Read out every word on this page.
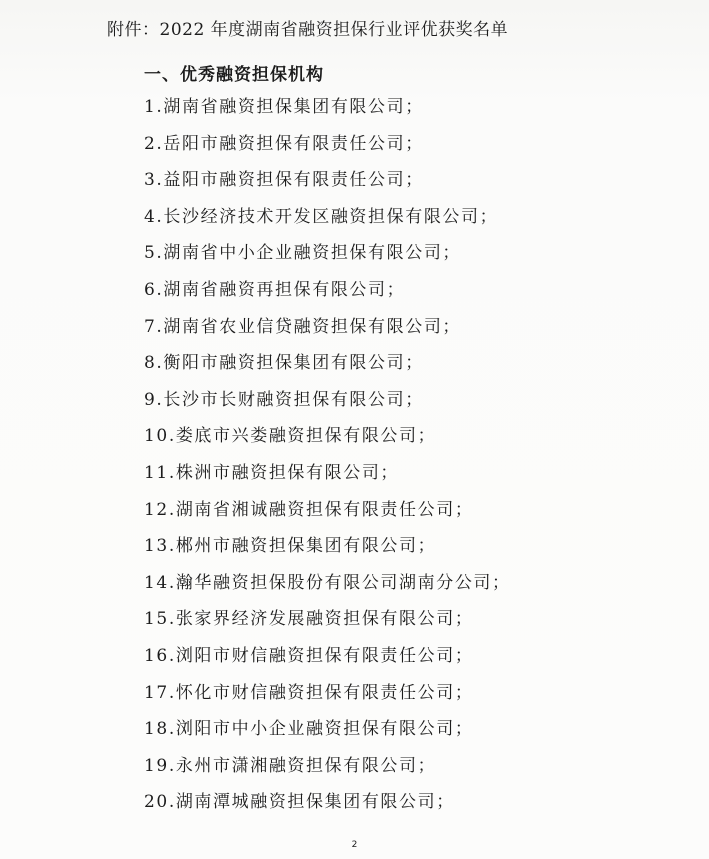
附件：2022 年度湖南省融资担保行业评优获奖名单
一、优秀融资担保机构
1.湖南省融资担保集团有限公司；
2.岳阳市融资担保有限责任公司；
3.益阳市融资担保有限责任公司；
4.长沙经济技术开发区融资担保有限公司；
5.湖南省中小企业融资担保有限公司；
6.湖南省融资再担保有限公司；
7.湖南省农业信贷融资担保有限公司；
8.衡阳市融资担保集团有限公司；
9.长沙市长财融资担保有限公司；
10.娄底市兴娄融资担保有限公司；
11.株洲市融资担保有限公司；
12.湖南省湘诚融资担保有限责任公司；
13.郴州市融资担保集团有限公司；
14.瀚华融资担保股份有限公司湖南分公司；
15.张家界经济发展融资担保有限公司；
16.浏阳市财信融资担保有限责任公司；
17.怀化市财信融资担保有限责任公司；
18.浏阳市中小企业融资担保有限公司；
19.永州市潇湘融资担保有限公司；
20.湖南潭城融资担保集团有限公司；
2
